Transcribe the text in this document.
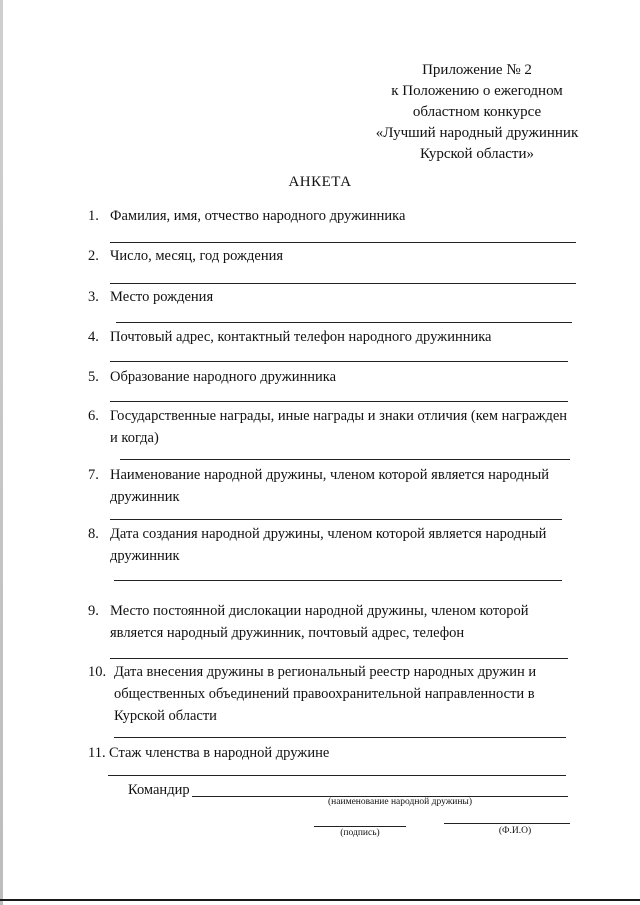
Приложение № 2
к Положению о ежегодном
областном конкурсе
«Лучший народный дружинник
Курской области»
АНКЕТА
1. Фамилия, имя, отчество народного дружинника
2. Число, месяц, год рождения
3. Место рождения
4. Почтовый адрес, контактный телефон народного дружинника
5. Образование народного дружинника
6. Государственные награды, иные награды и знаки отличия (кем награжден
и когда)
7. Наименование народной дружины, членом которой является народный
дружинник
8. Дата создания народной дружины, членом которой является народный
дружинник
9. Место постоянной дислокации народной дружины, членом которой
является народный дружинник, почтовый адрес, телефон
10. Дата внесения дружины в региональный реестр народных дружин и
общественных объединений правоохранительной направленности в
Курской области
11. Стаж членства в народной дружине
Командир
(наименование народной дружины)
(подпись)	(Ф.И.О)
